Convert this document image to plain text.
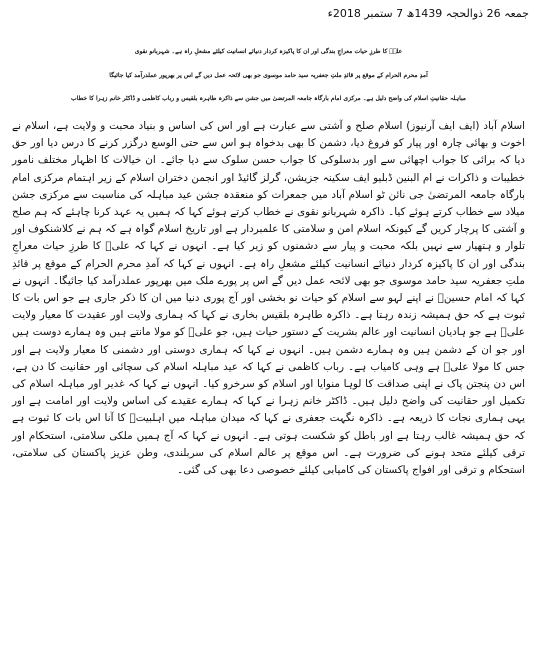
جمعہ 26 ذوالحجہ 1439ھ 7 ستمبر 2018ء
علیؑ کا طرزِ حیات معراجِ بندگی اور ان کا پاکیزہ کردار دنیائے انسانیت کیلئے مشعلِ راہ ہے۔ شہربانو نقوی
آمدِ محرم الحرام کے موقع پر قائدِ ملتِ جعفریہ سید حامد موسوی جو بھی لائحہ عمل دیں گے اس پر بھرپور عملدرآمد کیا جائیگا
مباہلہ حقانیتِ اسلام کی واضح دلیل ہے۔ مرکزی امام بارگاہ جامعہ المرتضیٰ میں جشن سے ذاکرہ طاہرہ بلقیس و رباب کاظمی و ڈاکٹر خانم زہرا کا خطاب
اسلام آباد (ایف ایف آرنیوز) اسلام صلح و آشتی سے عبارت ہے اور اس کی اساس و بنیاد محبت و ولایت ہے، اسلام نے اخوت و بھائی چارہ اور پیار کو فروغ دیا، دشمن کا بھی بدخواہ ہو اس سے حتی الوسع درگزر کرنے کا درس دیا اور حق دیا کہ برائی کا جواب اچھائی سے اور بدسلوکی کا جواب حسن سلوک سے دیا جائے۔ ان خیالات کا اظہار مختلف نامور خطیبات و ذاکرات نے ام البنین ڈبلیو ایف سکینہ جزیشن، گرلز گائیڈ اور انجمن دختران اسلام کے زیر اہتمام مرکزی امام بارگاہ جامعہ المرتضیٰ جی نائن ٹو اسلام آباد میں جمعرات کو منعقدہ جشن عید مباہلہ کی مناسبت سے مرکزی جشن میلاد سے خطاب کرتے ہوئے کیا۔ ذاکرہ شہربانو نقوی نے خطاب کرتے ہوئے کہا کہ ہمیں یہ عہد کرنا چاہئے کہ ہم صلح و آشتی کا پرچار کریں گے کیونکہ اسلام امن و سلامتی کا علمبردار ہے اور تاریخ اسلام گواہ ہے کہ ہم نے کلاشنکوف اور تلوار و ہتھیار سے نہیں بلکہ محبت و پیار سے دشمنوں کو زیر کیا ہے۔ انہوں نے کہا کہ علیؑ کا طرزِ حیات معراجِ بندگی اور ان کا پاکیزہ کردار دنیائے انسانیت کیلئے مشعلِ راہ ہے۔ انہوں نے کہا کہ آمدِ محرم الحرام کے موقع پر قائدِ ملتِ جعفریہ سید حامد موسوی جو بھی لائحہ عمل دیں گے اس پر پورے ملک میں بھرپور عملدرآمد کیا جائیگا۔ انہوں نے کہا کہ امام حسینؑ نے اپنے لہو سے اسلام کو حیات نو بخشی اور آج پوری دنیا میں ان کا ذکر جاری ہے جو اس بات کا ثبوت ہے کہ حق ہمیشہ زندہ رہتا ہے۔ ذاکرہ طاہرہ بلقیس بخاری نے کہا کہ ہماری ولایت اور عقیدت کا معیار ولایت علیؑ ہے جو ہادیان انسانیت اور عالم بشریت کے دستور حیات ہیں، جو علیؑ کو مولا مانتے ہیں وہ ہمارے دوست ہیں اور جو ان کے دشمن ہیں وہ ہمارے دشمن ہیں۔ انہوں نے کہا کہ ہماری دوستی اور دشمنی کا معیار ولایت ہے اور جس کا مولا علیؑ ہے وہی کامیاب ہے۔ رباب کاظمی نے کہا کہ عید مباہلہ اسلام کی سچائی اور حقانیت کا دن ہے، اس دن پنجتن پاک نے اپنی صداقت کا لوہا منوایا اور اسلام کو سرخرو کیا۔ انہوں نے کہا کہ غدیر اور مباہلہ اسلام کی تکمیل اور حقانیت کی واضح دلیل ہیں۔ ڈاکٹر خانم زہرا نے کہا کہ ہمارے عقیدے کی اساس ولایت اور امامت ہے اور یہی ہماری نجات کا ذریعہ ہے۔ ذاکرہ نگہت جعفری نے کہا کہ میدان مباہلہ میں اہلبیتؑ کا آنا اس بات کا ثبوت ہے کہ حق ہمیشہ غالب رہتا ہے اور باطل کو شکست ہوتی ہے۔ انہوں نے کہا کہ آج ہمیں ملکی سلامتی، استحکام اور ترقی کیلئے متحد ہونے کی ضرورت ہے۔ اس موقع پر عالم اسلام کی سربلندی، وطن عزیز پاکستان کی سلامتی، استحکام و ترقی اور افواج پاکستان کی کامیابی کیلئے خصوصی دعا بھی کی گئی۔
